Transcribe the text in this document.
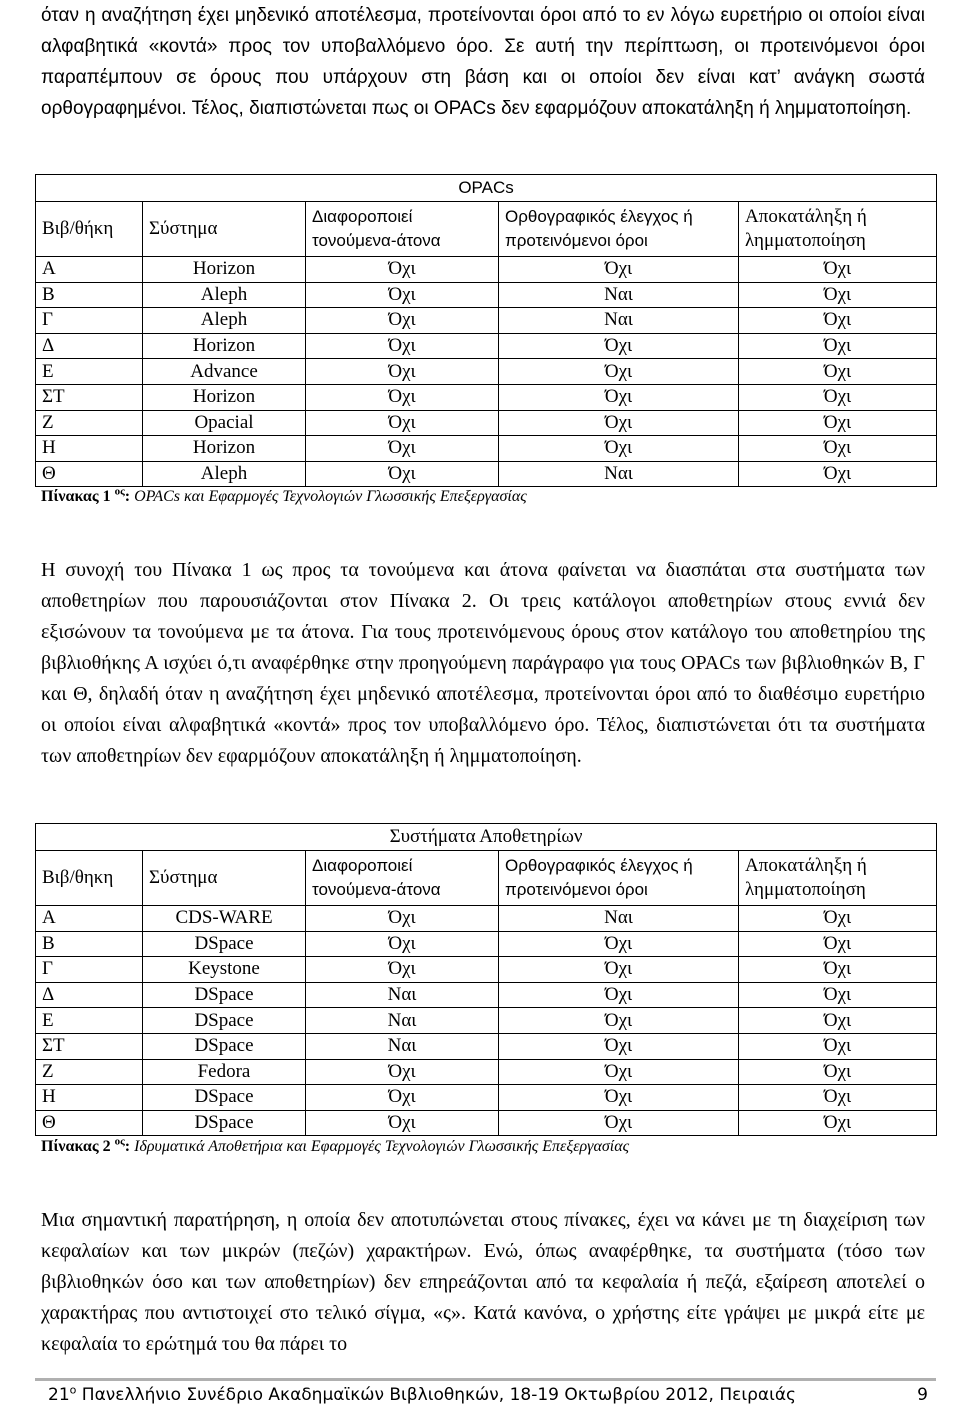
όταν η αναζήτηση έχει μηδενικό αποτέλεσμα, προτείνονται όροι από το εν λόγω ευρετήριο οι οποίοι είναι αλφαβητικά «κοντά» προς τον υποβαλλόμενο όρο. Σε αυτή την περίπτωση, οι προτεινόμενοι όροι παραπέμπουν σε όρους που υπάρχουν στη βάση και οι οποίοι δεν είναι κατ’ ανάγκη σωστά ορθογραφημένοι. Τέλος, διαπιστώνεται πως οι OPACs δεν εφαρμόζουν αποκατάληξη ή λημματοποίηση.

OPACs				
Βιβ/θήκη	Σύστημα	Διαφοροποιεί τονούμενα-άτονα	Ορθογραφικός έλεγχος ή προτεινόμενοι όροι	Αποκατάληξη ή λημματοποίηση
Α	Horizon	Όχι	Όχι	Όχι
Β	Aleph	Όχι	Ναι	Όχι
Γ	Aleph	Όχι	Ναι	Όχι
Δ	Horizon	Όχι	Όχι	Όχι
Ε	Advance	Όχι	Όχι	Όχι
ΣΤ	Horizon	Όχι	Όχι	Όχι
Ζ	Opacial	Όχι	Όχι	Όχι
Η	Horizon	Όχι	Όχι	Όχι
Θ	Aleph	Όχι	Ναι	Όχι
Πίνακας 1 $^{o\varsigma}$: OPACs και Εφαρμογές Τεχνολογιών Γλωσσικής Επεξεργασίας

Η συνοχή του Πίνακα 1 ως προς τα τονούμενα και άτονα φαίνεται να διασπάται στα συστήματα των αποθετηρίων που παρουσιάζονται στον Πίνακα 2. Οι τρεις κατάλογοι αποθετηρίων στους εννιά δεν εξισώνουν τα τονούμενα με τα άτονα. Για τους προτεινόμενους όρους στον κατάλογο του αποθετηρίου της βιβλιοθήκης Α ισχύει ό,τι αναφέρθηκε στην προηγούμενη παράγραφο για τους OPACs των βιβλιοθηκών Β, Γ και Θ, δηλαδή όταν η αναζήτηση έχει μηδενικό αποτέλεσμα, προτείνονται όροι από το διαθέσιμο ευρετήριο οι οποίοι είναι αλφαβητικά «κοντά» προς τον υποβαλλόμενο όρο. Τέλος, διαπιστώνεται ότι τα συστήματα των αποθετηρίων δεν εφαρμόζουν αποκατάληξη ή λημματοποίηση.

Συστήματα Αποθετηρίων				
Βιβ/θηκη	Σύστημα	Διαφοροποιεί τονούμενα-άτονα	Ορθογραφικός έλεγχος ή προτεινόμενοι όροι	Αποκατάληξη ή λημματοποίηση
Α	CDS-WARE	Όχι	Ναι	Όχι
Β	DSpace	Όχι	Όχι	Όχι
Γ	Keystone	Όχι	Όχι	Όχι
Δ	DSpace	Ναι	Όχι	Όχι
Ε	DSpace	Ναι	Όχι	Όχι
ΣΤ	DSpace	Ναι	Όχι	Όχι
Ζ	Fedora	Όχι	Όχι	Όχι
Η	DSpace	Όχι	Όχι	Όχι
Θ	DSpace	Όχι	Όχι	Όχι
Πίνακας 2 $^{o\varsigma}$: Ιδρυματικά Αποθετήρια και Εφαρμογές Τεχνολογιών Γλωσσικής Επεξεργασίας

Μια σημαντική παρατήρηση, η οποία δεν αποτυπώνεται στους πίνακες, έχει να κάνει με τη διαχείριση των κεφαλαίων και των μικρών (πεζών) χαρακτήρων. Ενώ, όπως αναφέρθηκε, τα συστήματα (τόσο των βιβλιοθηκών όσο και των αποθετηρίων) δεν επηρεάζονται από τα κεφαλαία ή πεζά, εξαίρεση αποτελεί ο χαρακτήρας που αντιστοιχεί στο τελικό σίγμα, «ς». Κατά κανόνα, ο χρήστης είτε γράψει με μικρά είτε με κεφαλαία το ερώτημά του θα πάρει το

$21^o$ Πανελλήνιο Συνέδριο Ακαδημαϊκών Βιβλιοθηκών, 18-19 Οκτωβρίου 2012, Πειραιάς	9
